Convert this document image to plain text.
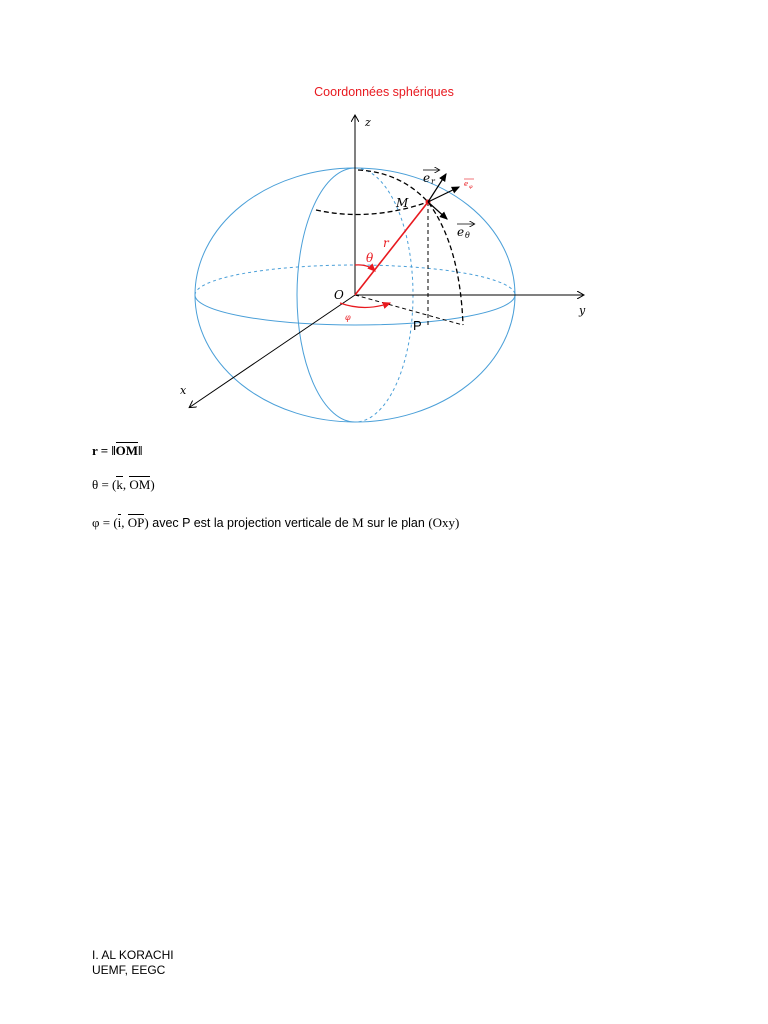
Coordonnées sphériques
z
y
x
O
M
P
r
θ
φ
e r	e φ
e θ
r = ‖OM‖
θ = (k, OM)
φ = (i, OP) avec P est la projection verticale de M sur le plan (Oxy)
I. AL KORACHI
UEMF, EEGC
